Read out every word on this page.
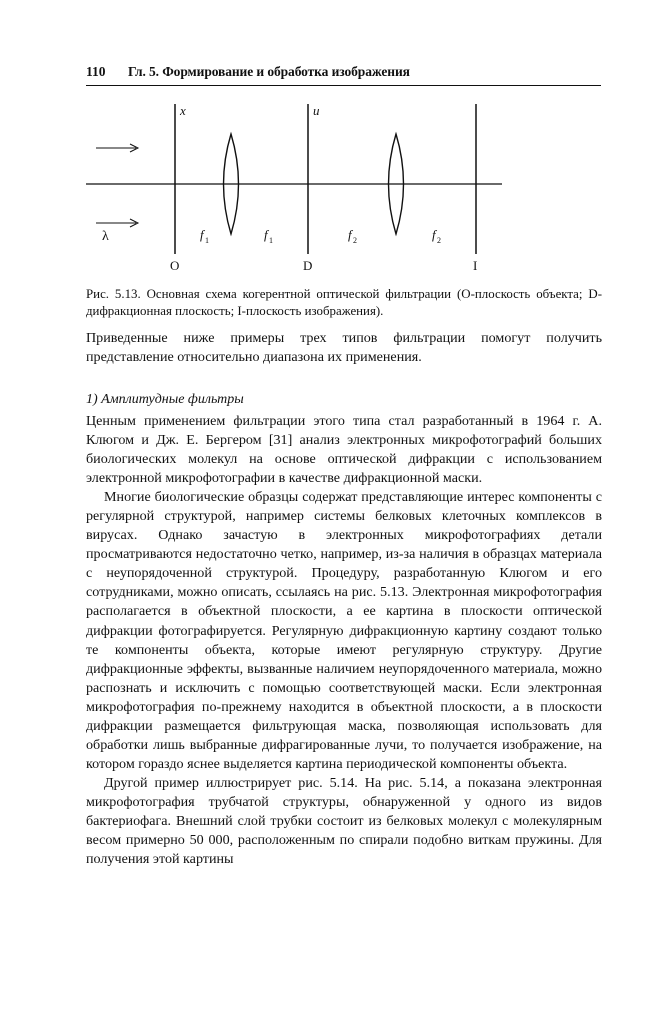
110 Гл. 5. Формирование и обработка изображения
x	u
λ	f 1	f 1	f 2	f 2
O	D	I
Рис. 5.13. Основная схема когерентной оптической фильтрации (O-плоскость объекта; D-дифракционная плоскость; I-плоскость изображения).
Приведенные ниже примеры трех типов фильтрации помогут получить представление относительно диапазона их применения.
1) Амплитудные фильтры

Ценным применением фильтрации этого типа стал разработанный в 1964 г. А. Клюгом и Дж. Е. Бергером [31] анализ электронных микрофотографий больших биологических молекул на основе оптической дифракции с использованием электронной микрофотографии в качестве дифракционной маски.

Многие биологические образцы содержат представляющие интерес компоненты с регулярной структурой, например системы белковых клеточных комплексов в вирусах. Однако зачастую в электронных микрофотографиях детали просматриваются недостаточно четко, например, из-за наличия в образцах материала с неупорядоченной структурой. Процедуру, разработанную Клюгом и его сотрудниками, можно описать, ссылаясь на рис. 5.13. Электронная микрофотография располагается в объектной плоскости, а ее картина в плоскости оптической дифракции фотографируется. Регулярную дифракционную картину создают только те компоненты объекта, которые имеют регулярную структуру. Другие дифракционные эффекты, вызванные наличием неупорядоченного материала, можно распознать и исключить с помощью соответствующей маски. Если электронная микрофотография по-прежнему находится в объектной плоскости, а в плоскости дифракции размещается фильтрующая маска, позволяющая использовать для обработки лишь выбранные дифрагированные лучи, то получается изображение, на котором гораздо яснее выделяется картина периодической компоненты объекта.

Другой пример иллюстрирует рис. 5.14. На рис. 5.14, а показана электронная микрофотография трубчатой структуры, обнаруженной у одного из видов бактериофага. Внешний слой трубки состоит из белковых молекул с молекулярным весом примерно 50 000, расположенным по спирали подобно виткам пружины. Для получения этой картины
